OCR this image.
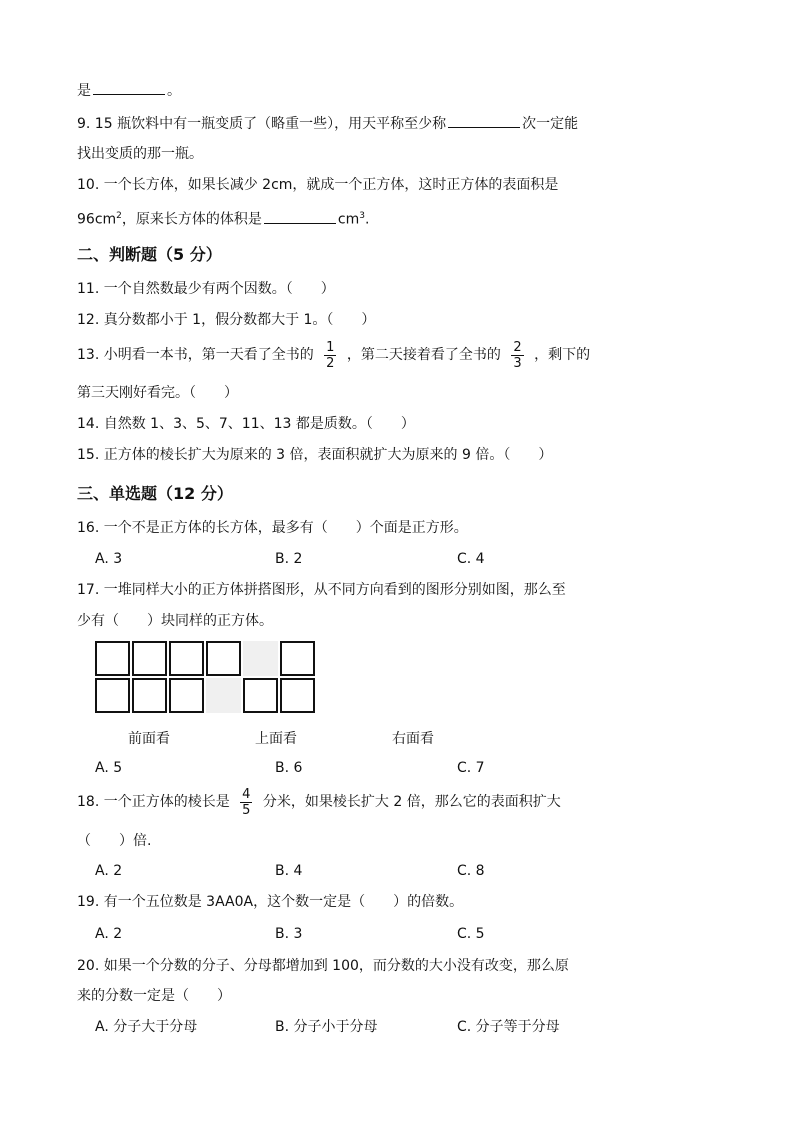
是	。
9. 15 瓶饮料中有一瓶变质了（略重一些），用天平称至少称	次一定能
找出变质的那一瓶。
10. 一个长方体，如果长减少 2cm，就成一个正方体，这时正方体的表面积是
$96cm^2$，原来长方体的体积是	$cm^3$.
二、判断题（5 分）
11. 一个自然数最少有两个因数。（　　）
12. 真分数都小于 1，假分数都大于 1。（　　）
13. 小明看一本书，第一天看了全书的 $\frac{1}{2}$ ，第二天接着看了全书的 $\frac{2}{3}$ ，剩下的
第三天刚好看完。（　　）
14. 自然数 1、3、5、7、11、13 都是质数。（　　）
15. 正方体的棱长扩大为原来的 3 倍，表面积就扩大为原来的 9 倍。（　　）
三、单选题（12 分）
16. 一个不是正方体的长方体，最多有（　　）个面是正方形。
A. 3	B. 2	C. 4
17. 一堆同样大小的正方体拼搭图形，从不同方向看到的图形分别如图，那么至
少有（　　）块同样的正方体。
前面看	上面看	右面看
A. 5	B. 6	C. 7
18. 一个正方体的棱长是 $\frac{4}{5}$ 分米，如果棱长扩大 2 倍，那么它的表面积扩大
（　　）倍.
A. 2	B. 4	C. 8
19. 有一个五位数是 3AA0A，这个数一定是（　　）的倍数。
A. 2	B. 3	C. 5
20. 如果一个分数的分子、分母都增加到 100，而分数的大小没有改变，那么原
来的分数一定是（　　）
A. 分子大于分母	B. 分子小于分母	C. 分子等于分母
